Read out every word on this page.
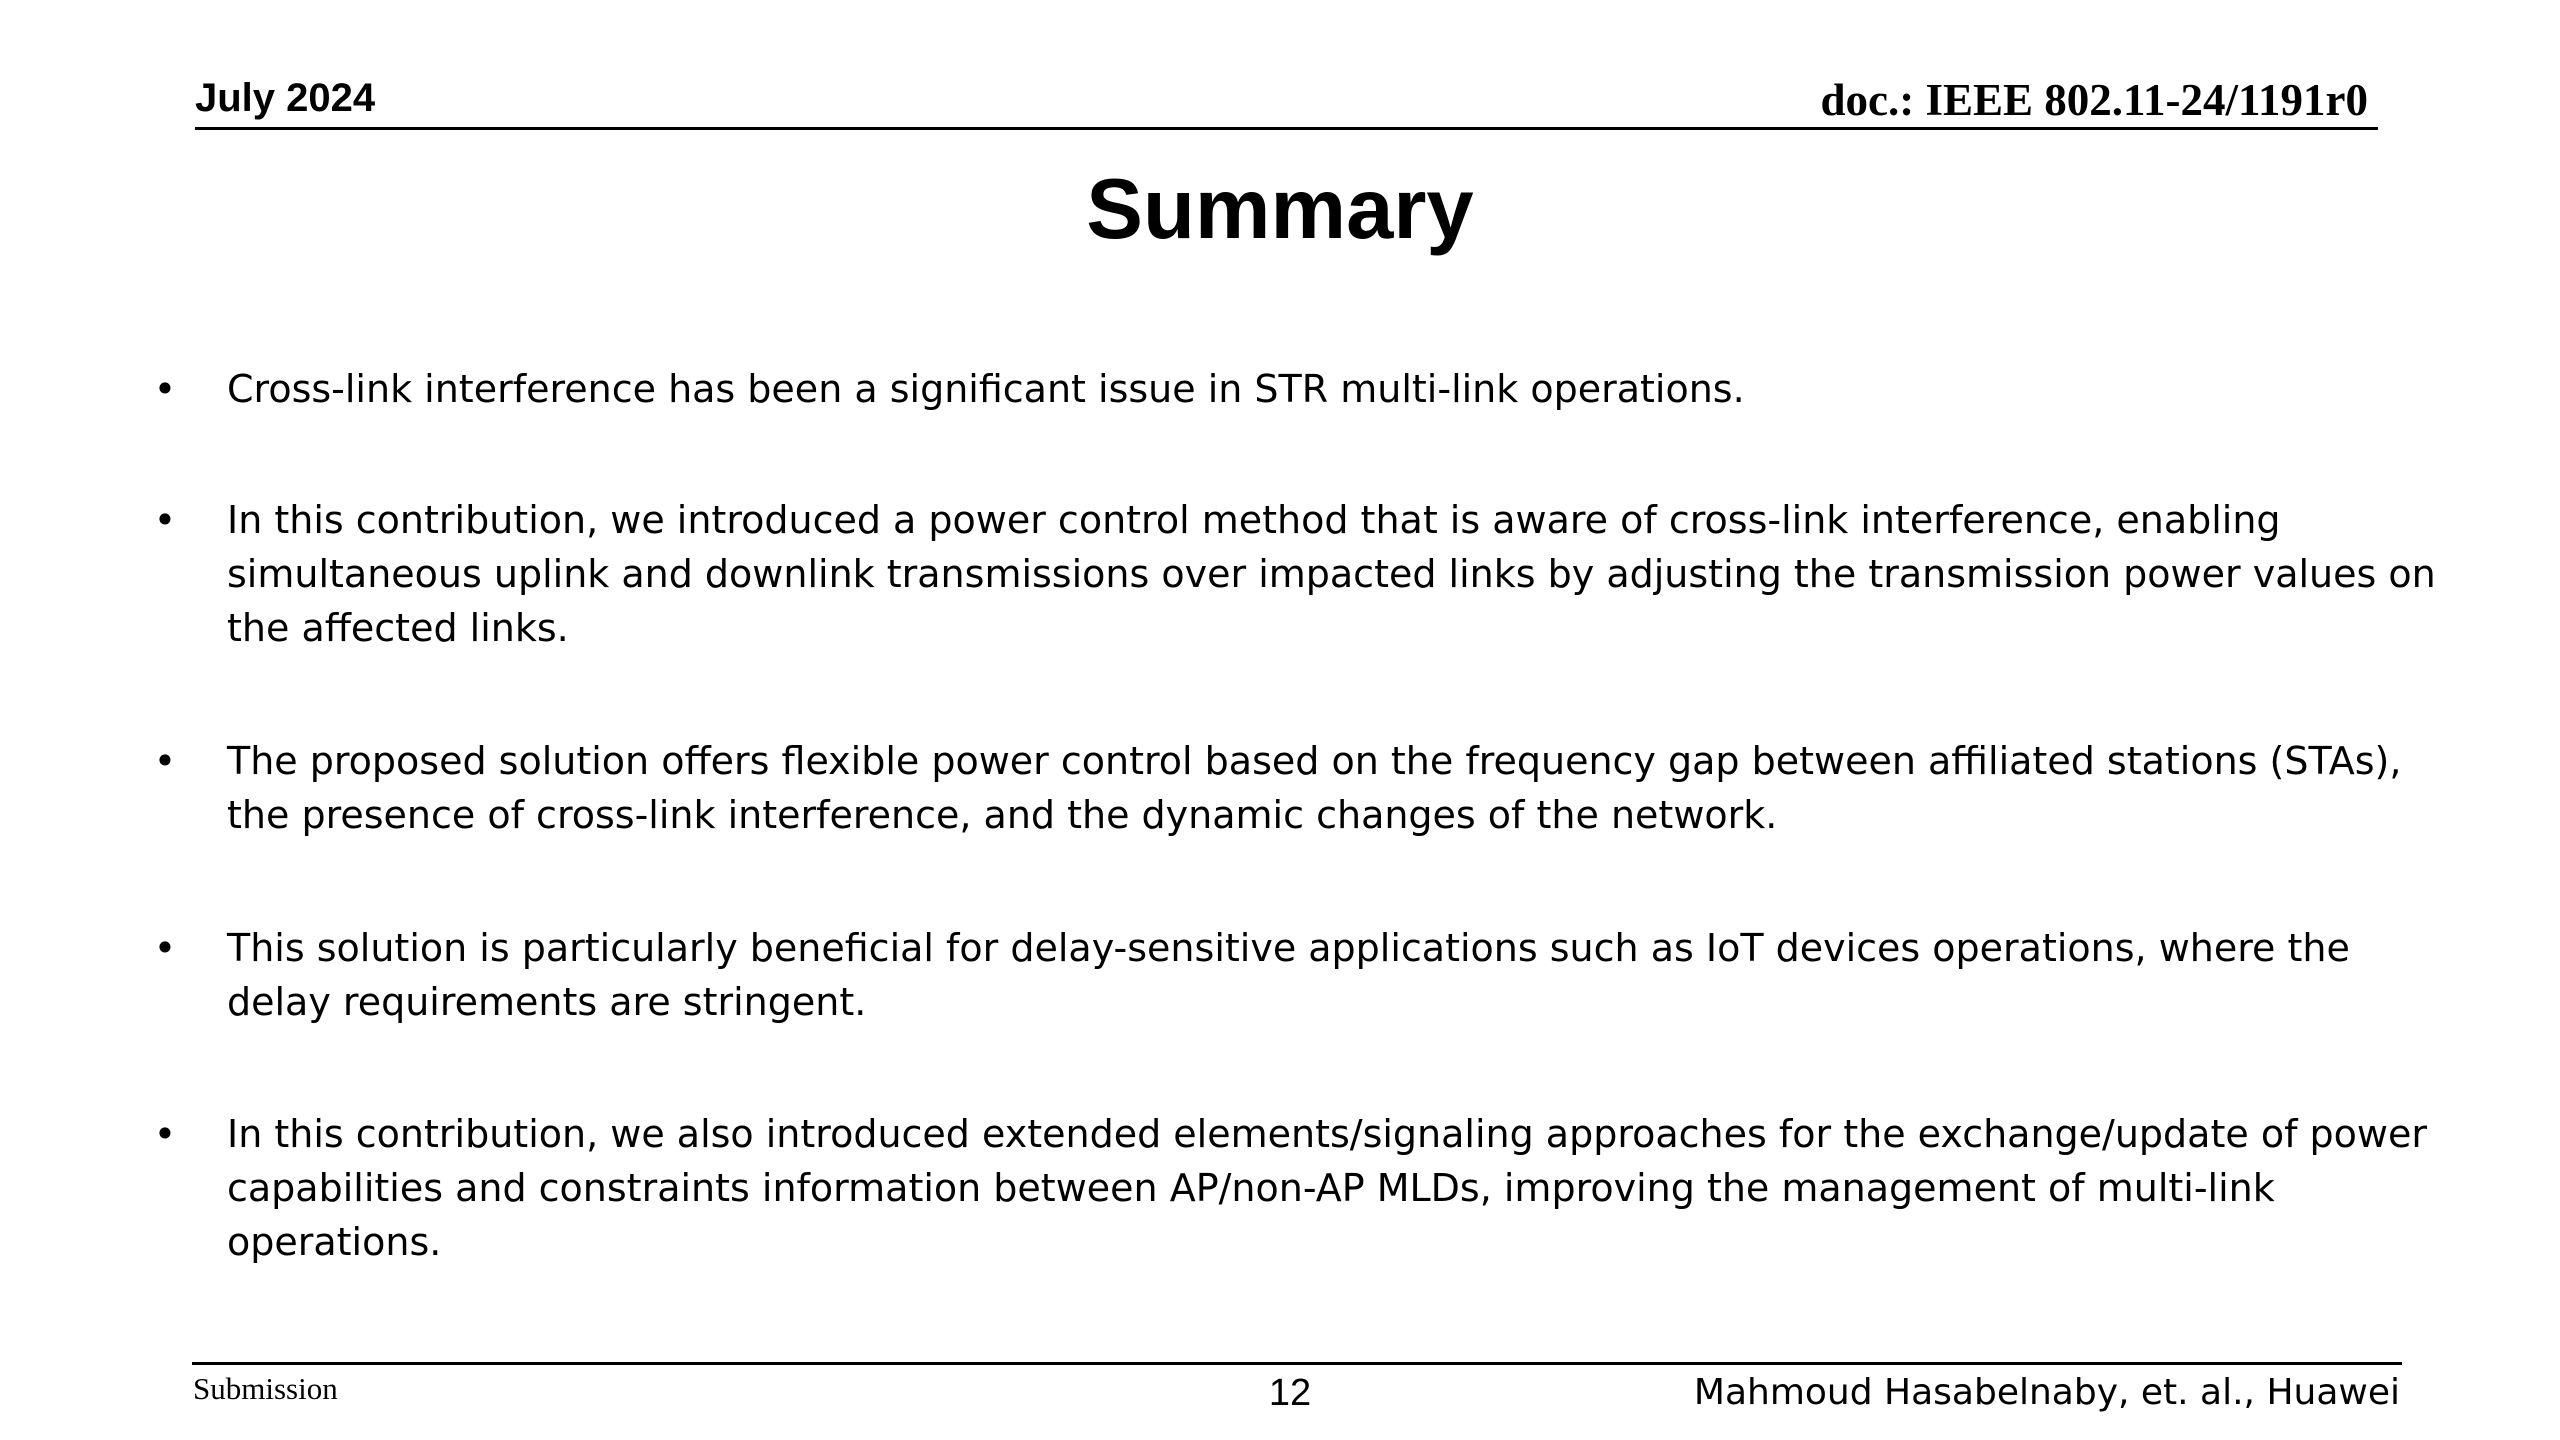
July 2024	doc.: IEEE 802.11-24/1191r0
Summary
• Cross-link interference has been a significant issue in STR multi-link operations.
• In this contribution, we introduced a power control method that is aware of cross-link interference, enabling simultaneous uplink and downlink transmissions over impacted links by adjusting the transmission power values on the affected links.
• The proposed solution offers flexible power control based on the frequency gap between affiliated stations (STAs), the presence of cross-link interference, and the dynamic changes of the network.
• This solution is particularly beneficial for delay-sensitive applications such as IoT devices operations, where the delay requirements are stringent.
• In this contribution, we also introduced extended elements/signaling approaches for the exchange/update of power capabilities and constraints information between AP/non-AP MLDs, improving the management of multi-link operations.
Submission	12	Mahmoud Hasabelnaby, et. al., Huawei
